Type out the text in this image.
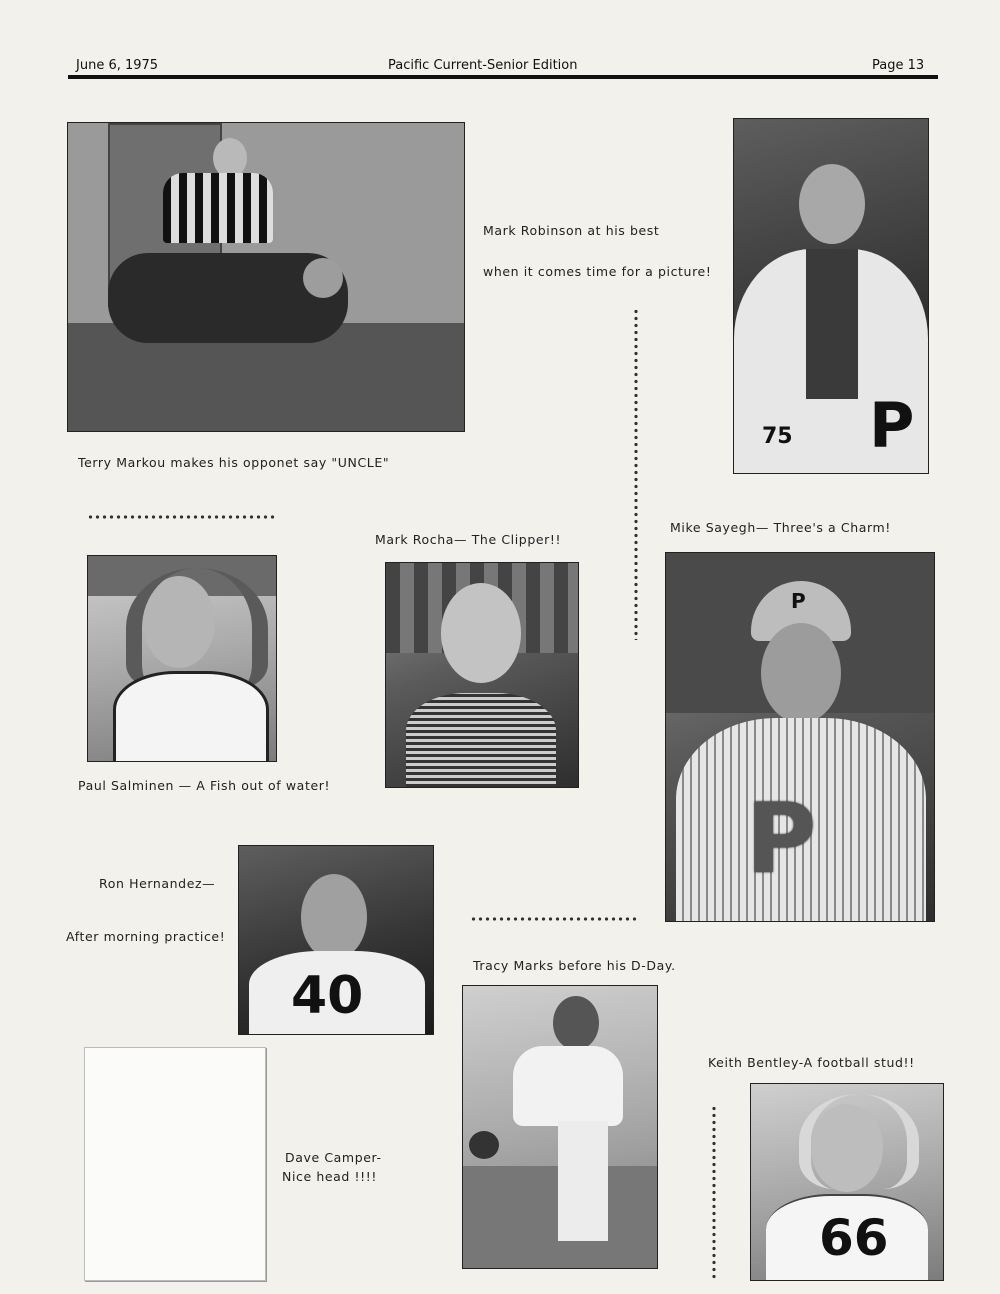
June 6, 1975	Pacific Current-Senior Edition	Page 13
Terry Markou makes his opponet say "UNCLE"
Mark Robinson at his best
when it comes time for a picture!
75 P
Mark Rocha— The Clipper!!
Mike Sayegh— Three's a Charm!
Paul Salminen — A Fish out of water!
P
P
Ron Hernandez—
After morning practice!
40
Tracy Marks before his D-Day.
Dave Camper-
Nice head !!!!
Keith Bentley-A football stud!!
66
